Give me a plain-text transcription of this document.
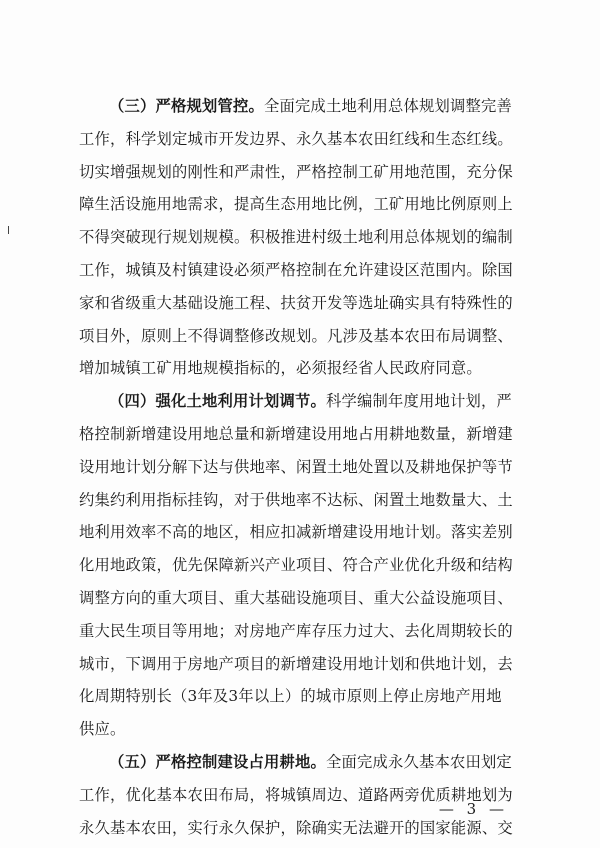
（三）严格规划管控。全面完成土地利用总体规划调整完善
工作，科学划定城市开发边界、永久基本农田红线和生态红线。
切实增强规划的刚性和严肃性，严格控制工矿用地范围，充分保
障生活设施用地需求，提高生态用地比例，工矿用地比例原则上
不得突破现行规划规模。积极推进村级土地利用总体规划的编制
工作，城镇及村镇建设必须严格控制在允许建设区范围内。除国
家和省级重大基础设施工程、扶贫开发等选址确实具有特殊性的
项目外，原则上不得调整修改规划。凡涉及基本农田布局调整、
增加城镇工矿用地规模指标的，必须报经省人民政府同意。
（四）强化土地利用计划调节。科学编制年度用地计划，严
格控制新增建设用地总量和新增建设用地占用耕地数量，新增建
设用地计划分解下达与供地率、闲置土地处置以及耕地保护等节
约集约利用指标挂钩，对于供地率不达标、闲置土地数量大、土
地利用效率不高的地区，相应扣减新增建设用地计划。落实差别
化用地政策，优先保障新兴产业项目、符合产业优化升级和结构
调整方向的重大项目、重大基础设施项目、重大公益设施项目、
重大民生项目等用地；对房地产库存压力过大、去化周期较长的
城市，下调用于房地产项目的新增建设用地计划和供地计划，去
化周期特别长（3年及3年以上）的城市原则上停止房地产用地
供应。
（五）严格控制建设占用耕地。全面完成永久基本农田划定
工作，优化基本农田布局，将城镇周边、道路两旁优质耕地划为
永久基本农田，实行永久保护，除确实无法避开的国家能源、交
— 3 —
